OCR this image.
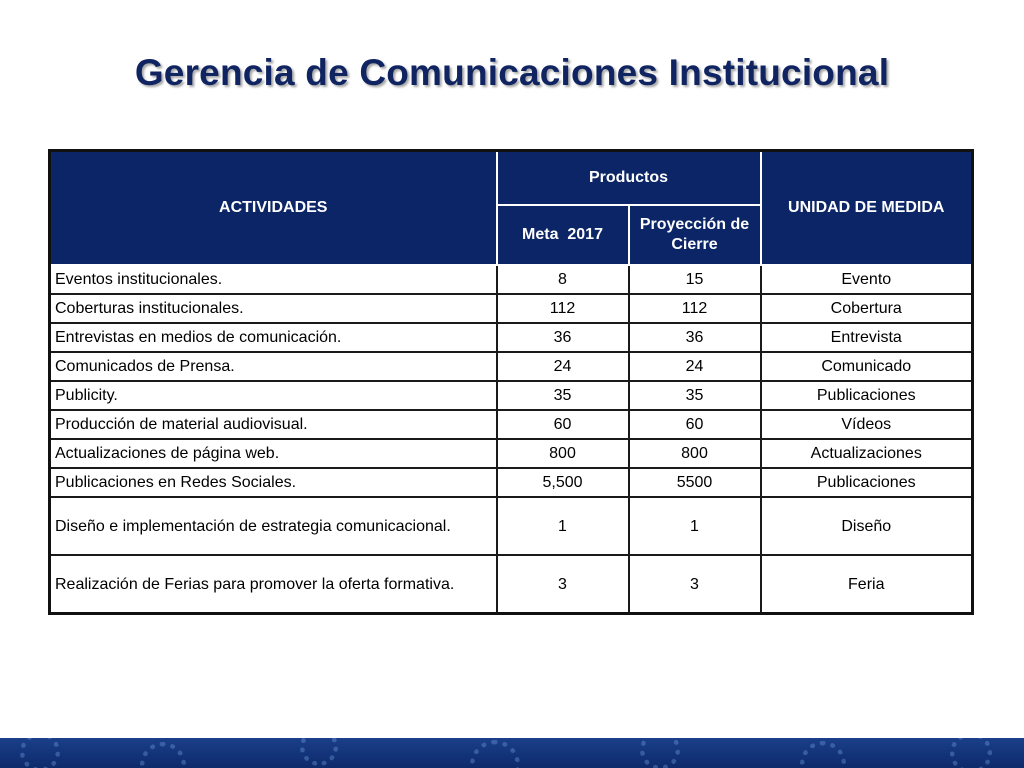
Gerencia de Comunicaciones Institucional
ACTIVIDADES	Productos		UNIDAD DE MEDIDA
	Meta  2017	Proyección de Cierre	
Eventos institucionales.	8	15	Evento
Coberturas institucionales.	112	112	Cobertura
Entrevistas en medios de comunicación.	36	36	Entrevista
Comunicados de Prensa.	24	24	Comunicado
Publicity.	35	35	Publicaciones
Producción de material audiovisual.	60	60	Vídeos
Actualizaciones de página web.	800	800	Actualizaciones
Publicaciones en Redes Sociales.	5,500	5500	Publicaciones
Diseño e implementación de estrategia comunicacional.	1	1	Diseño
Realización de Ferias para promover la oferta formativa.	3	3	Feria
